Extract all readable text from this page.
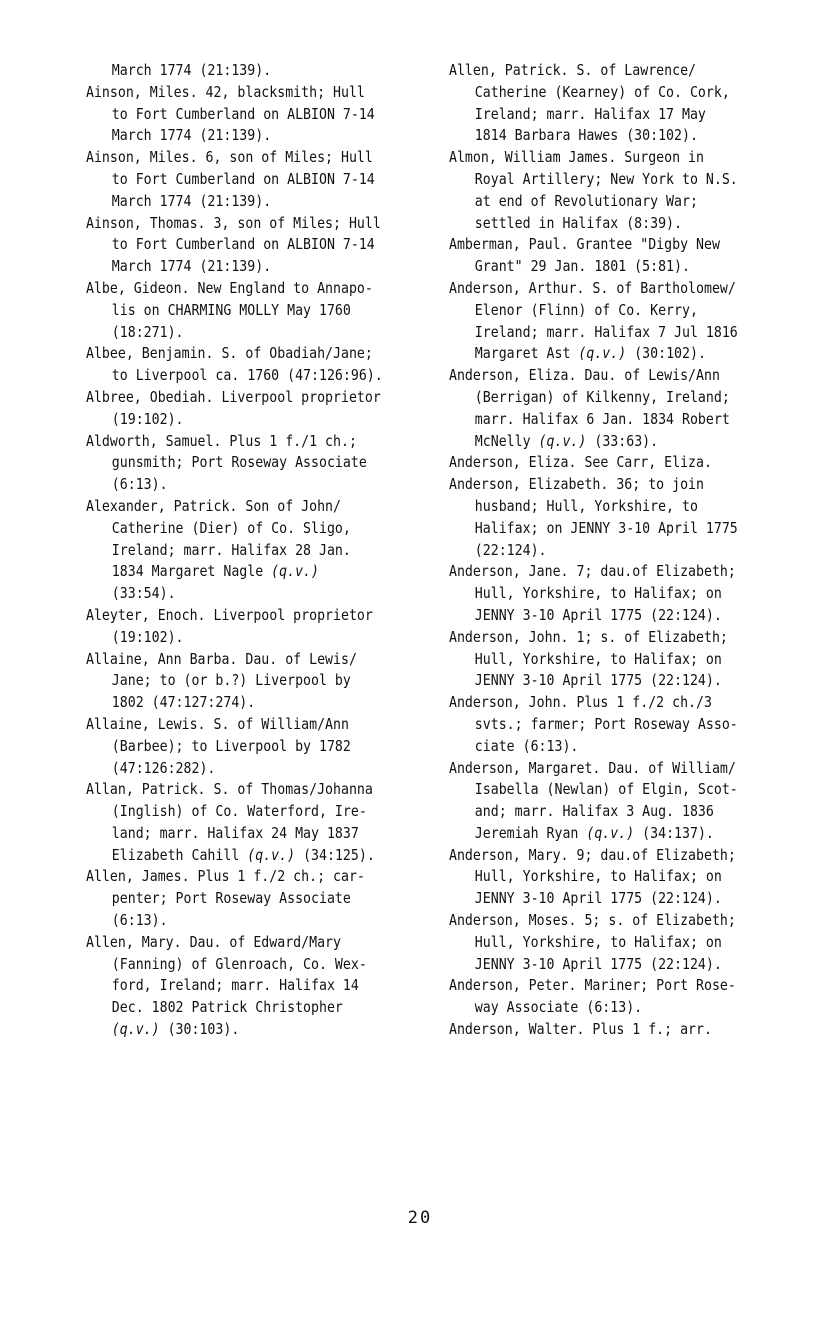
March 1774 (21:139).
Ainson, Miles. 42, blacksmith; Hull
to Fort Cumberland on ALBION 7-14
March 1774 (21:139).
Ainson, Miles. 6, son of Miles; Hull
to Fort Cumberland on ALBION 7-14
March 1774 (21:139).
Ainson, Thomas. 3, son of Miles; Hull
to Fort Cumberland on ALBION 7-14
March 1774 (21:139).
Albe, Gideon. New England to Annapo-
lis on CHARMING MOLLY May 1760
(18:271).
Albee, Benjamin. S. of Obadiah/Jane;
to Liverpool ca. 1760 (47:126:96).
Albree, Obediah. Liverpool proprietor
(19:102).
Aldworth, Samuel. Plus 1 f./1 ch.;
gunsmith; Port Roseway Associate
(6:13).
Alexander, Patrick. Son of John/
Catherine (Dier) of Co. Sligo,
Ireland; marr. Halifax 28 Jan.
1834 Margaret Nagle (q.v.)
(33:54).
Aleyter, Enoch. Liverpool proprietor
(19:102).
Allaine, Ann Barba. Dau. of Lewis/
Jane; to (or b.?) Liverpool by
1802 (47:127:274).
Allaine, Lewis. S. of William/Ann
(Barbee); to Liverpool by 1782
(47:126:282).
Allan, Patrick. S. of Thomas/Johanna
(Inglish) of Co. Waterford, Ire-
land; marr. Halifax 24 May 1837
Elizabeth Cahill (q.v.) (34:125).
Allen, James. Plus 1 f./2 ch.; car-
penter; Port Roseway Associate
(6:13).
Allen, Mary. Dau. of Edward/Mary
(Fanning) of Glenroach, Co. Wex-
ford, Ireland; marr. Halifax 14
Dec. 1802 Patrick Christopher
(q.v.) (30:103).
Allen, Patrick. S. of Lawrence/
Catherine (Kearney) of Co. Cork,
Ireland; marr. Halifax 17 May
1814 Barbara Hawes (30:102).
Almon, William James. Surgeon in
Royal Artillery; New York to N.S.
at end of Revolutionary War;
settled in Halifax (8:39).
Amberman, Paul. Grantee "Digby New
Grant" 29 Jan. 1801 (5:81).
Anderson, Arthur. S. of Bartholomew/
Elenor (Flinn) of Co. Kerry,
Ireland; marr. Halifax 7 Jul 1816
Margaret Ast (q.v.) (30:102).
Anderson, Eliza. Dau. of Lewis/Ann
(Berrigan) of Kilkenny, Ireland;
marr. Halifax 6 Jan. 1834 Robert
McNelly (q.v.) (33:63).
Anderson, Eliza. See Carr, Eliza.
Anderson, Elizabeth. 36; to join
husband; Hull, Yorkshire, to
Halifax; on JENNY 3-10 April 1775
(22:124).
Anderson, Jane. 7; dau.of Elizabeth;
Hull, Yorkshire, to Halifax; on
JENNY 3-10 April 1775 (22:124).
Anderson, John. 1; s. of Elizabeth;
Hull, Yorkshire, to Halifax; on
JENNY 3-10 April 1775 (22:124).
Anderson, John. Plus 1 f./2 ch./3
svts.; farmer; Port Roseway Asso-
ciate (6:13).
Anderson, Margaret. Dau. of William/
Isabella (Newlan) of Elgin, Scot-
and; marr. Halifax 3 Aug. 1836
Jeremiah Ryan (q.v.) (34:137).
Anderson, Mary. 9; dau.of Elizabeth;
Hull, Yorkshire, to Halifax; on
JENNY 3-10 April 1775 (22:124).
Anderson, Moses. 5; s. of Elizabeth;
Hull, Yorkshire, to Halifax; on
JENNY 3-10 April 1775 (22:124).
Anderson, Peter. Mariner; Port Rose-
way Associate (6:13).
Anderson, Walter. Plus 1 f.; arr.
20
